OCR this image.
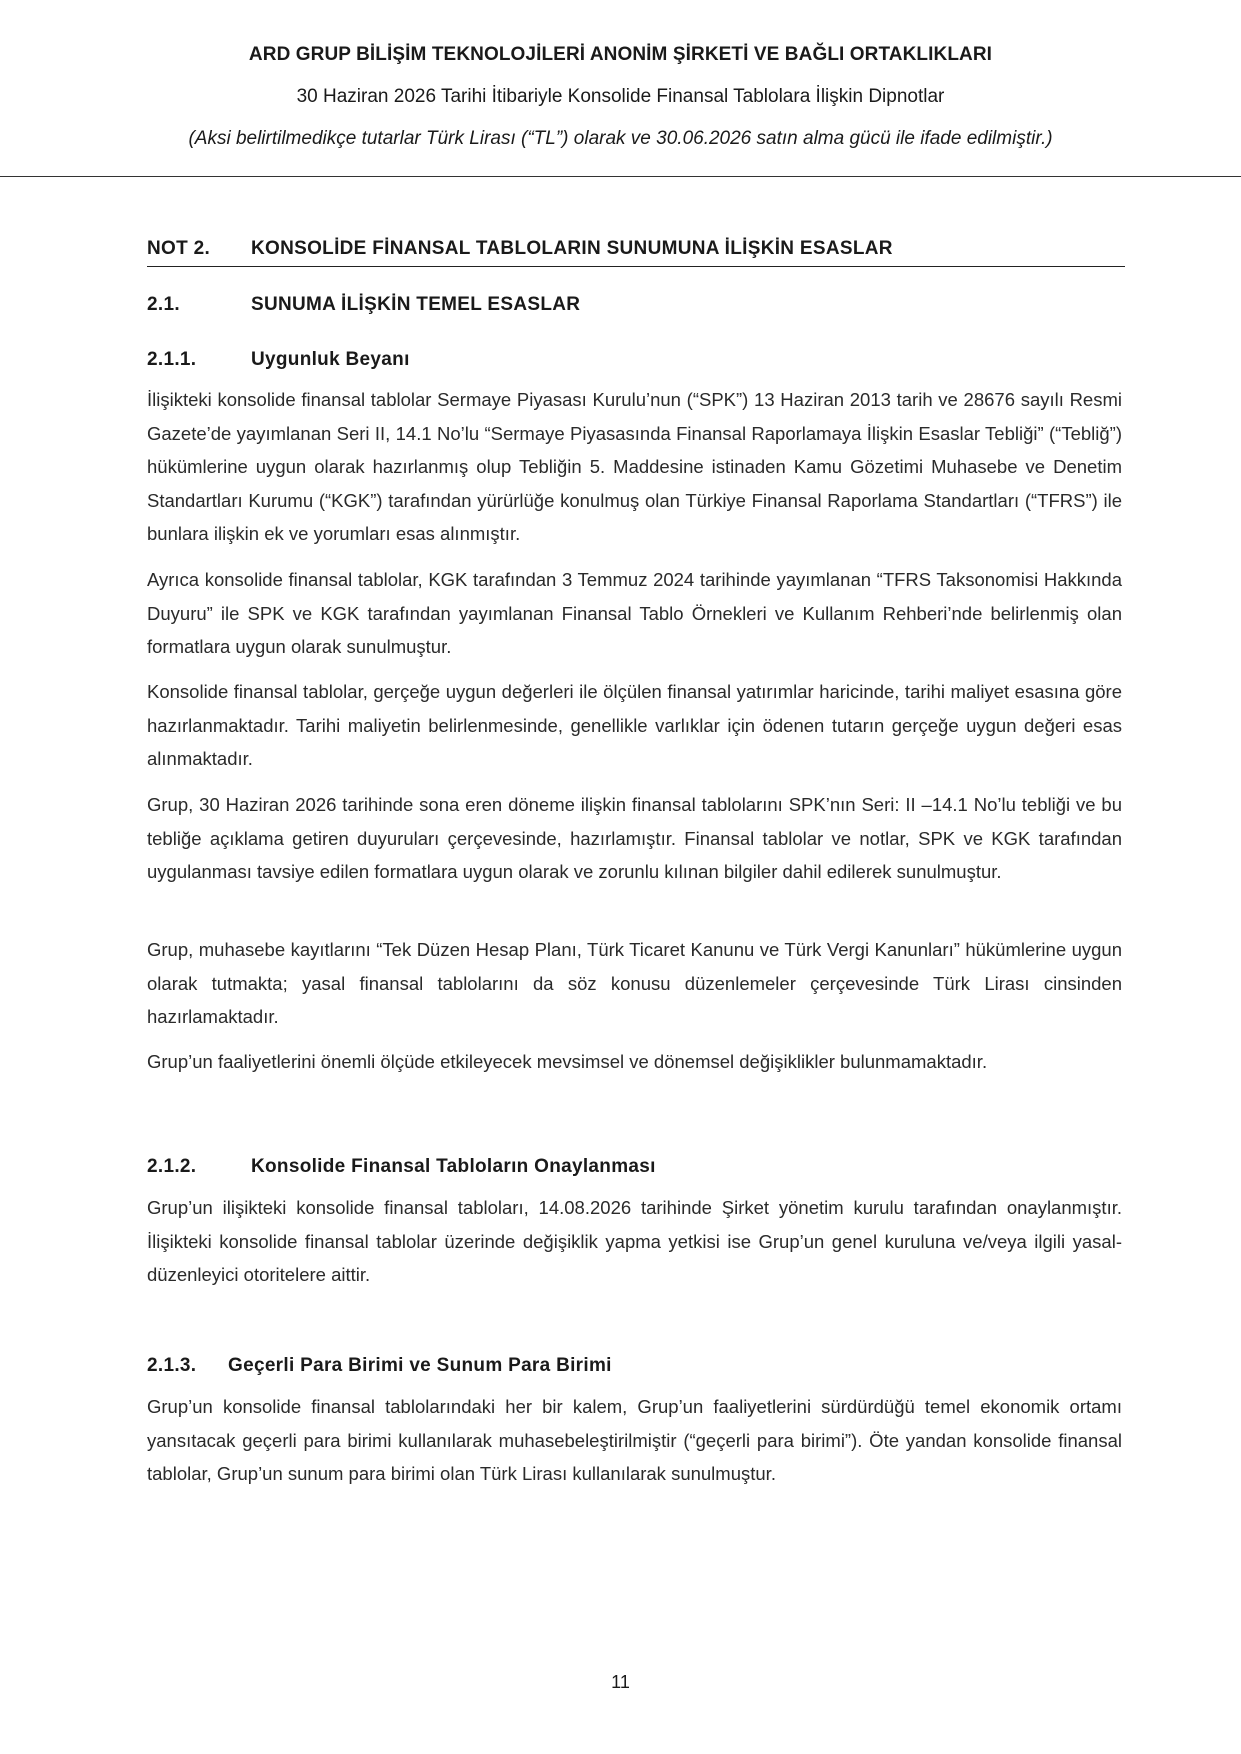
ARD GRUP BİLİŞİM TEKNOLOJİLERİ ANONİM ŞİRKETİ VE BAĞLI ORTAKLIKLARI
30 Haziran 2026 Tarihi İtibariyle Konsolide Finansal Tablolara İlişkin Dipnotlar
(Aksi belirtilmedikçe tutarlar Türk Lirası (“TL”) olarak ve 30.06.2026 satın alma gücü ile ifade edilmiştir.)
NOT 2. KONSOLİDE FİNANSAL TABLOLARIN SUNUMUNA İLİŞKİN ESASLAR
2.1.	SUNUMA İLİŞKİN TEMEL ESASLAR
2.1.1.	Uygunluk Beyanı
İlişikteki konsolide finansal tablolar Sermaye Piyasası Kurulu’nun (“SPK”) 13 Haziran 2013 tarih ve 28676 sayılı Resmi Gazete’de yayımlanan Seri II, 14.1 No’lu “Sermaye Piyasasında Finansal Raporlamaya İlişkin Esaslar Tebliği” (“Tebliğ”) hükümlerine uygun olarak hazırlanmış olup Tebliğin 5. Maddesine istinaden Kamu Gözetimi Muhasebe ve Denetim Standartları Kurumu (“KGK”) tarafından yürürlüğe konulmuş olan Türkiye Finansal Raporlama Standartları (“TFRS”) ile bunlara ilişkin ek ve yorumları esas alınmıştır.
Ayrıca konsolide finansal tablolar, KGK tarafından 3 Temmuz 2024 tarihinde yayımlanan “TFRS Taksonomisi Hakkında Duyuru” ile SPK ve KGK tarafından yayımlanan Finansal Tablo Örnekleri ve Kullanım Rehberi’nde belirlenmiş olan formatlara uygun olarak sunulmuştur.
Konsolide finansal tablolar, gerçeğe uygun değerleri ile ölçülen finansal yatırımlar haricinde, tarihi maliyet esasına göre hazırlanmaktadır. Tarihi maliyetin belirlenmesinde, genellikle varlıklar için ödenen tutarın gerçeğe uygun değeri esas alınmaktadır.
Grup, 30 Haziran 2026 tarihinde sona eren döneme ilişkin finansal tablolarını SPK’nın Seri: II –14.1 No’lu tebliği ve bu tebliğe açıklama getiren duyuruları çerçevesinde, hazırlamıştır. Finansal tablolar ve notlar, SPK ve KGK tarafından uygulanması tavsiye edilen formatlara uygun olarak ve zorunlu kılınan bilgiler dahil edilerek sunulmuştur.
Grup, muhasebe kayıtlarını “Tek Düzen Hesap Planı, Türk Ticaret Kanunu ve Türk Vergi Kanunları” hükümlerine uygun olarak tutmakta; yasal finansal tablolarını da söz konusu düzenlemeler çerçevesinde Türk Lirası cinsinden hazırlamaktadır.
Grup’un faaliyetlerini önemli ölçüde etkileyecek mevsimsel ve dönemsel değişiklikler bulunmamaktadır.
2.1.2.	Konsolide Finansal Tabloların Onaylanması
Grup’un ilişikteki konsolide finansal tabloları, 14.08.2026 tarihinde Şirket yönetim kurulu tarafından onaylanmıştır. İlişikteki konsolide finansal tablolar üzerinde değişiklik yapma yetkisi ise Grup’un genel kuruluna ve/veya ilgili yasal-düzenleyici otoritelere aittir.
2.1.3. Geçerli Para Birimi ve Sunum Para Birimi
Grup’un konsolide finansal tablolarındaki her bir kalem, Grup’un faaliyetlerini sürdürdüğü temel ekonomik ortamı yansıtacak geçerli para birimi kullanılarak muhasebeleştirilmiştir (“geçerli para birimi”). Öte yandan konsolide finansal tablolar, Grup’un sunum para birimi olan Türk Lirası kullanılarak sunulmuştur.
11
